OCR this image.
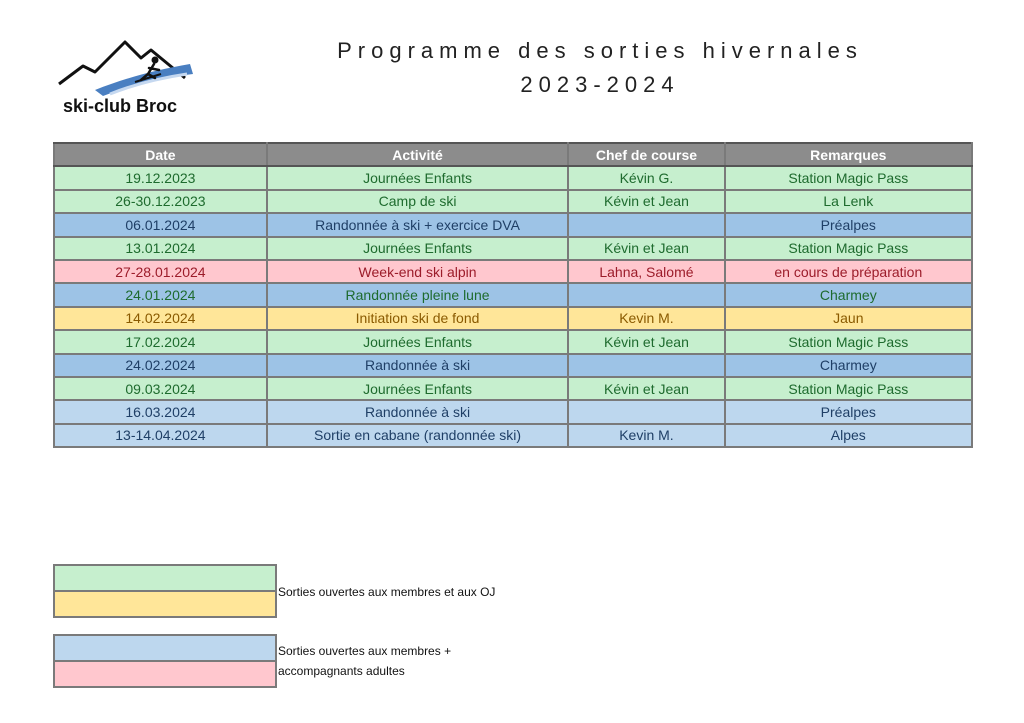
ski-club Broc
Programme des sorties hivernales
2023-2024
Date	Activité	Chef de course	Remarques
19.12.2023	Journées Enfants	Kévin G.	Station Magic Pass
26-30.12.2023	Camp de ski	Kévin et Jean	La Lenk
06.01.2024	Randonnée à ski + exercice DVA		Préalpes
13.01.2024	Journées Enfants	Kévin et Jean	Station Magic Pass
27-28.01.2024	Week-end ski alpin	Lahna, Salomé	en cours de préparation
24.01.2024	Randonnée pleine lune		Charmey
14.02.2024	Initiation ski de fond	Kevin M.	Jaun
17.02.2024	Journées Enfants	Kévin et Jean	Station Magic Pass
24.02.2024	Randonnée à ski		Charmey
09.03.2024	Journées Enfants	Kévin et Jean	Station Magic Pass
16.03.2024	Randonnée à ski		Préalpes
13-14.04.2024	Sortie en cabane (randonnée ski)	Kevin M.	Alpes
Sorties ouvertes aux membres et aux OJ
Sorties ouvertes aux membres +
accompagnants adultes
